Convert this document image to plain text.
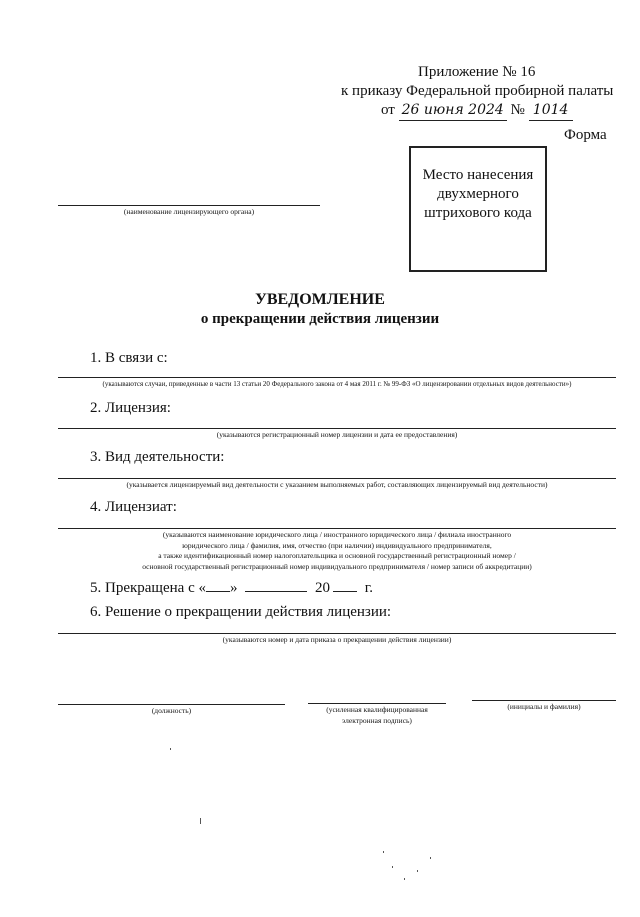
Приложение № 16
к приказу Федеральной пробирной палаты
от 26 июня 2024 № 1014
Форма
Место нанесения двухмерного штрихового кода
(наименование лицензирующего органа)
УВЕДОМЛЕНИЕ
о прекращении действия лицензии
1. В связи с:
(указываются случаи, приведенные в части 13 статьи 20 Федерального закона от 4 мая 2011 г. № 99-ФЗ «О лицензировании отдельных видов деятельности»)
2. Лицензия:
(указываются регистрационный номер лицензии и дата ее предоставления)
3. Вид деятельности:
(указывается лицензируемый вид деятельности с указанием выполняемых работ, составляющих лицензируемый вид деятельности)
4. Лицензиат:
(указываются наименование юридического лица / иностранного юридического лица / филиала иностранного
юридического лица / фамилия, имя, отчество (при наличии) индивидуального предпринимателя,
а также идентификационный номер налогоплательщика и основной государственный регистрационный номер /
основной государственный регистрационный номер индивидуального предпринимателя / номер записи об аккредитации)
5. Прекращена с « »	20 г.
6. Решение о прекращении действия лицензии:
(указываются номер и дата приказа о прекращении действия лицензии)
(должность)	(усиленная квалифицированная
электронная подпись)
(инициалы и фамилия)
